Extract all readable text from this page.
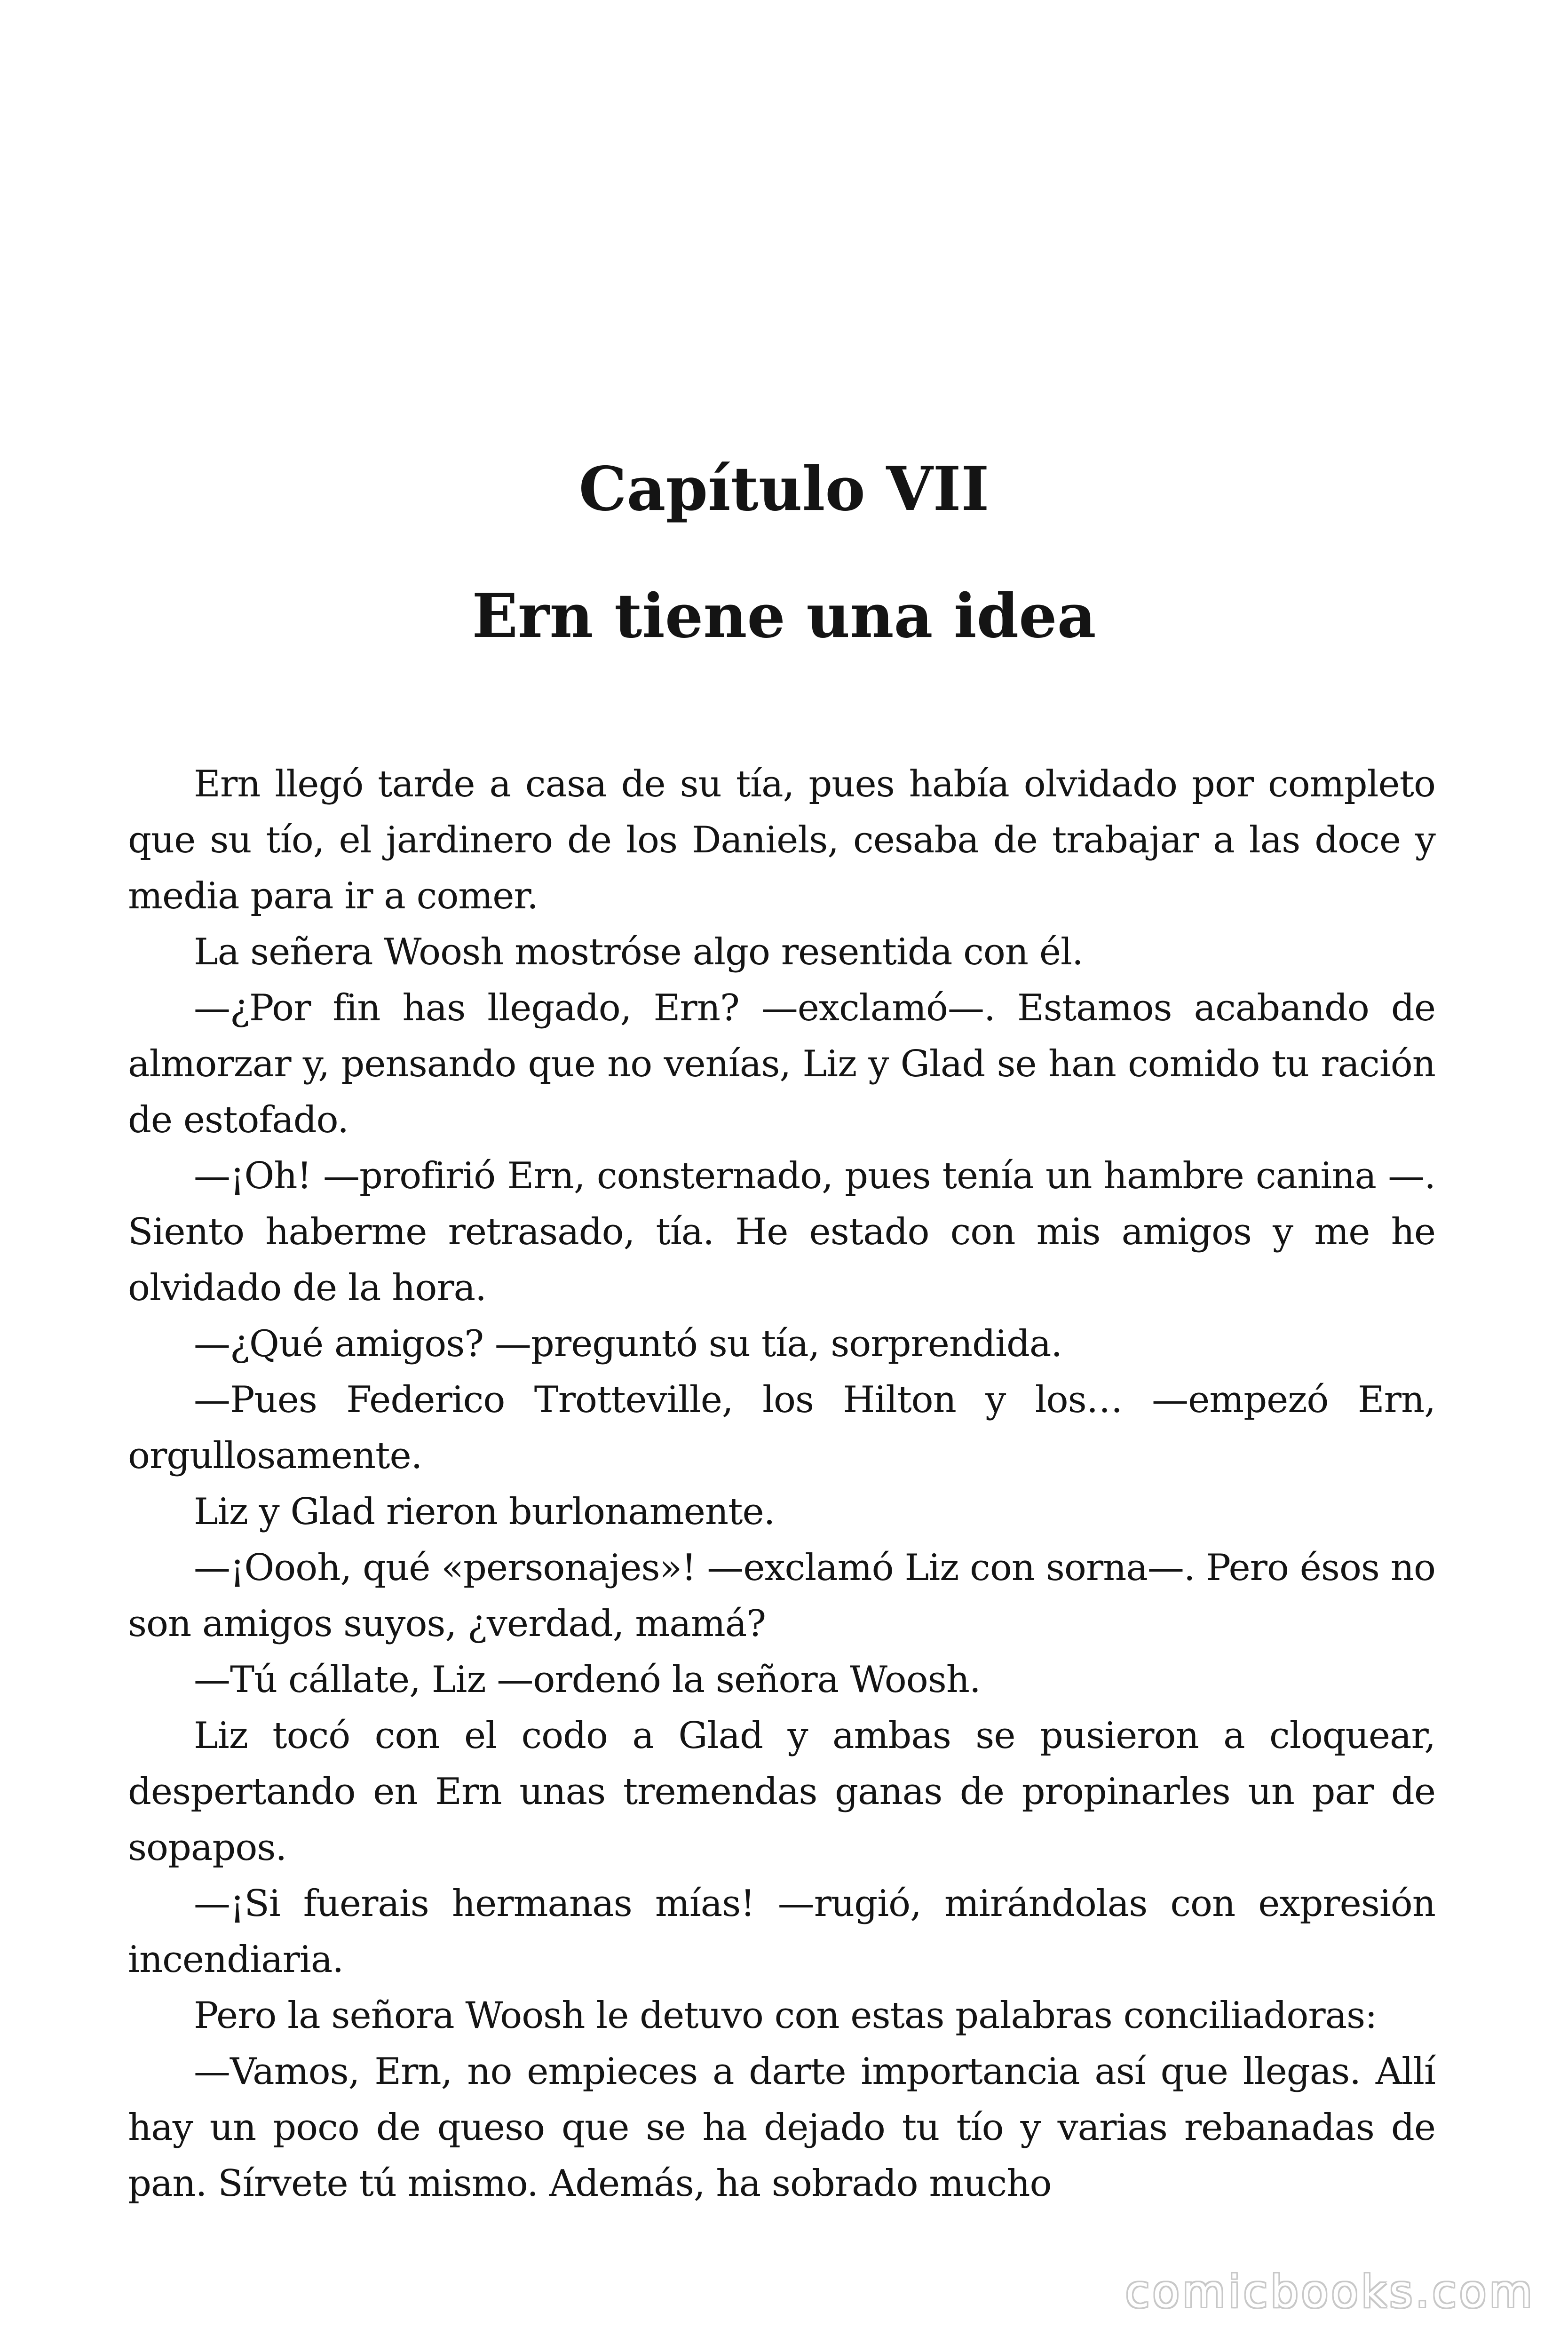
Capítulo VII
Ern tiene una idea

Ern llegó tarde a casa de su tía, pues había olvidado por completo que su tío, el jardinero de los Daniels, cesaba de trabajar a las doce y media para ir a comer.

La señera Woosh mostróse algo resentida con él.

—¿Por fin has llegado, Ern? —exclamó—. Estamos acabando de almorzar y, pensando que no venías, Liz y Glad se han comido tu ración de estofado.

—¡Oh! —profirió Ern, consternado, pues tenía un hambre canina —. Siento haberme retrasado, tía. He estado con mis amigos y me he olvidado de la hora.

—¿Qué amigos? —preguntó su tía, sorprendida.

—Pues Federico Trotteville, los Hilton y los… —empezó Ern, orgullosamente.

Liz y Glad rieron burlonamente.

—¡Oooh, qué «personajes»! —exclamó Liz con sorna—. Pero ésos no son amigos suyos, ¿verdad, mamá?

—Tú cállate, Liz —ordenó la señora Woosh.

Liz tocó con el codo a Glad y ambas se pusieron a cloquear, despertando en Ern unas tremendas ganas de propinarles un par de sopapos.

—¡Si fuerais hermanas mías! —rugió, mirándolas con expresión incendiaria.

Pero la señora Woosh le detuvo con estas palabras conciliadoras:

—Vamos, Ern, no empieces a darte importancia así que llegas. Allí hay un poco de queso que se ha dejado tu tío y varias rebanadas de pan. Sírvete tú mismo. Además, ha sobrado mucho

comicbooks.com
